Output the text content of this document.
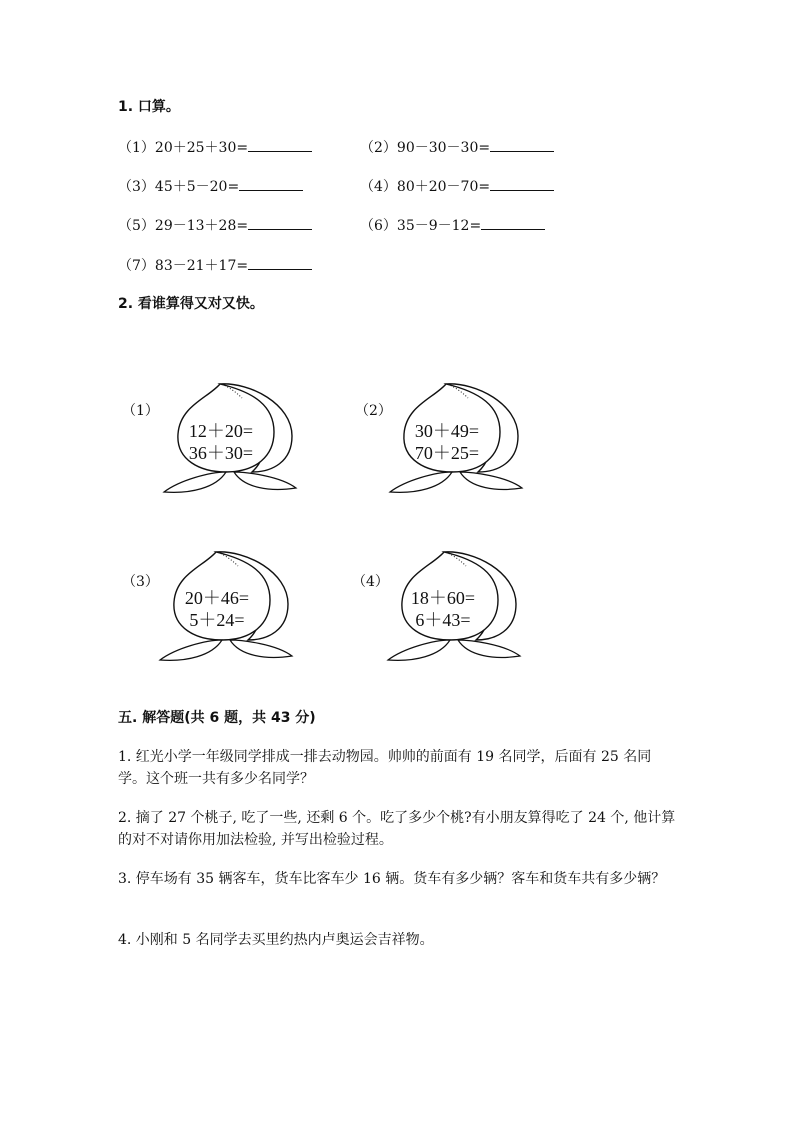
1. 口算。
（1）20＋25＋30=	（2）90－30－30=
（3）45＋5－20=	（4）80＋20－70=
（5）29－13＋28=	（6）35－9－12=
（7）83－21＋17=
2. 看谁算得又对又快。
（1）
12＋20=
36＋30=
（2）
30＋49=
70＋25=
（3）
20＋46=
5＋24=
（4）
18＋60=
6＋43=
五. 解答题(共 6 题，共 43 分)
1. 红光小学一年级同学排成一排去动物园。帅帅的前面有 19 名同学，后面有 25 名同学。这个班一共有多少名同学？
2. 摘了 27 个桃子, 吃了一些, 还剩 6 个。吃了多少个桃?有小朋友算得吃了 24 个, 他计算的对不对请你用加法检验, 并写出检验过程。
3. 停车场有 35 辆客车，货车比客车少 16 辆。货车有多少辆？客车和货车共有多少辆？
4. 小刚和 5 名同学去买里约热内卢奥运会吉祥物。
